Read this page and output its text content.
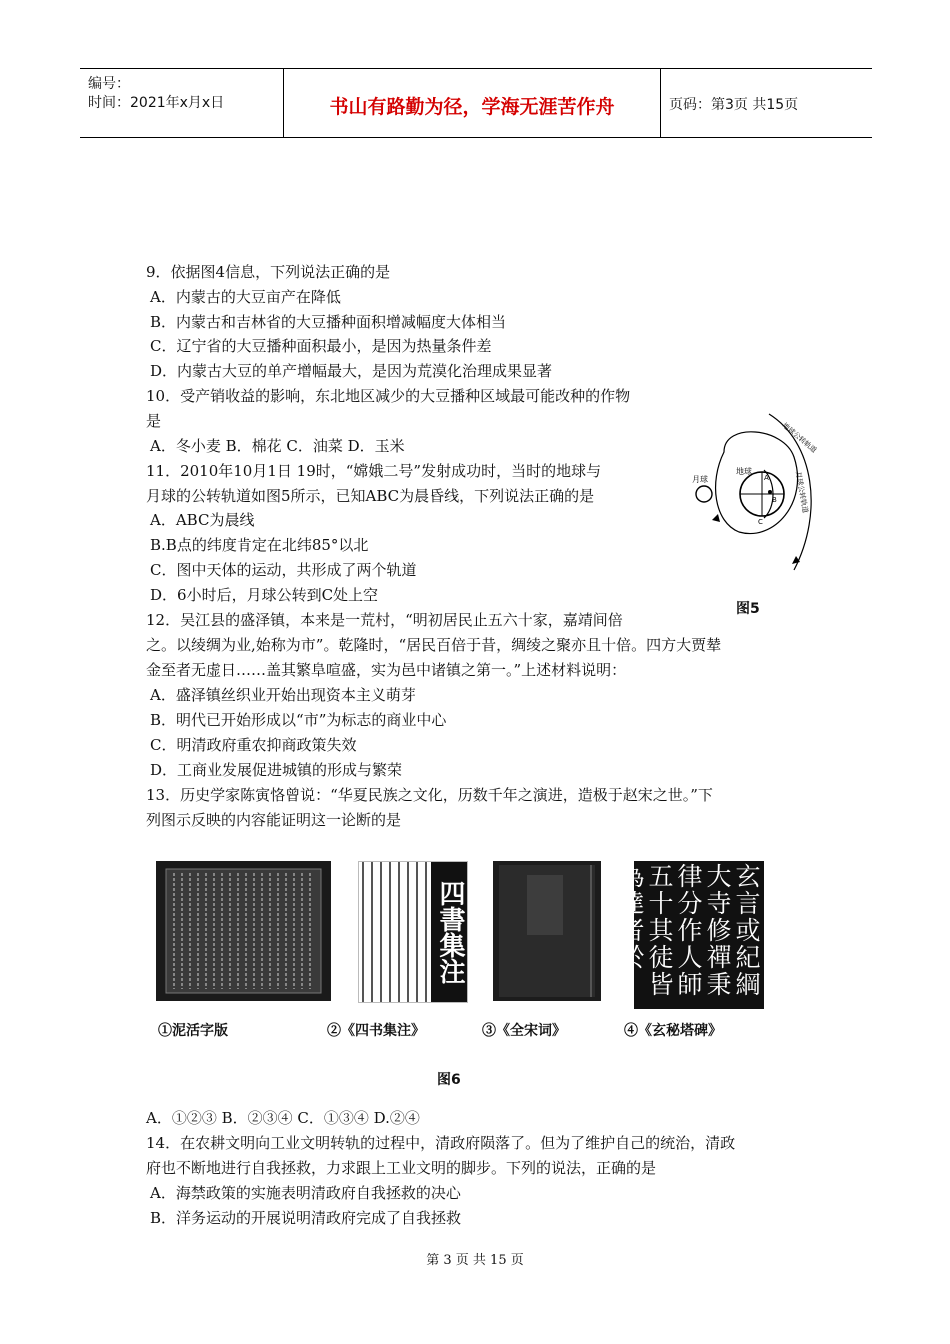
编号：
时间：2021年x月x日	书山有路勤为径，学海无涯苦作舟	页码：第3页 共15页
9．依据图4信息，下列说法正确的是
A．内蒙古的大豆亩产在降低
B．内蒙古和吉林省的大豆播种面积增减幅度大体相当
C．辽宁省的大豆播种面积最小，是因为热量条件差
D．内蒙古大豆的单产增幅最大，是因为荒漠化治理成果显著
10．受产销收益的影响，东北地区减少的大豆播种区域最可能改种的作物
是
A．冬小麦 B．棉花 C．油菜 D．玉米
11．2010年10月1日 19时，“嫦娥二号”发射成功时，当时的地球与
月球的公转轨道如图5所示，已知ABC为晨昏线，下列说法正确的是
A．ABC为晨线
B.B点的纬度肯定在北纬85°以北
C．图中天体的运动，共形成了两个轨道
D．6小时后，月球公转到C处上空
月球
地球
A
B
C
地球公转轨道
月球公转轨道
图5
12．吴江县的盛泽镇，本来是一荒村，“明初居民止五六十家，嘉靖间倍
之。以绫绸为业,始称为市”。乾隆时，“居民百倍于昔，绸绫之聚亦且十倍。四方大贾辇
金至者无虚日……盖其繁阜喧盛，实为邑中诸镇之第一。”上述材料说明：
A．盛泽镇丝织业开始出现资本主义萌芽
B．明代已开始形成以“市”为标志的商业中心
C．明清政府重农抑商政策失效
D．工商业发展促进城镇的形成与繁荣
13．历史学家陈寅恪曾说：“华夏民族之文化，历数千年之演进，造极于赵宋之世。”下
列图示反映的内容能证明这一论断的是
四書集注	玄言或紀綱大寺修禪秉律分作人師五十其徒皆為達者於
①泥活字版	②《四书集注》	③《全宋词》	④《玄秘塔碑》
图6
A．①②③ B．②③④ C．①③④ D.②④
14．在农耕文明向工业文明转轨的过程中，清政府陨落了。但为了维护自己的统治，清政
府也不断地进行自我拯救，力求跟上工业文明的脚步。下列的说法，正确的是
A．海禁政策的实施表明清政府自我拯救的决心
B．洋务运动的开展说明清政府完成了自我拯救
第 3 页 共 15 页
